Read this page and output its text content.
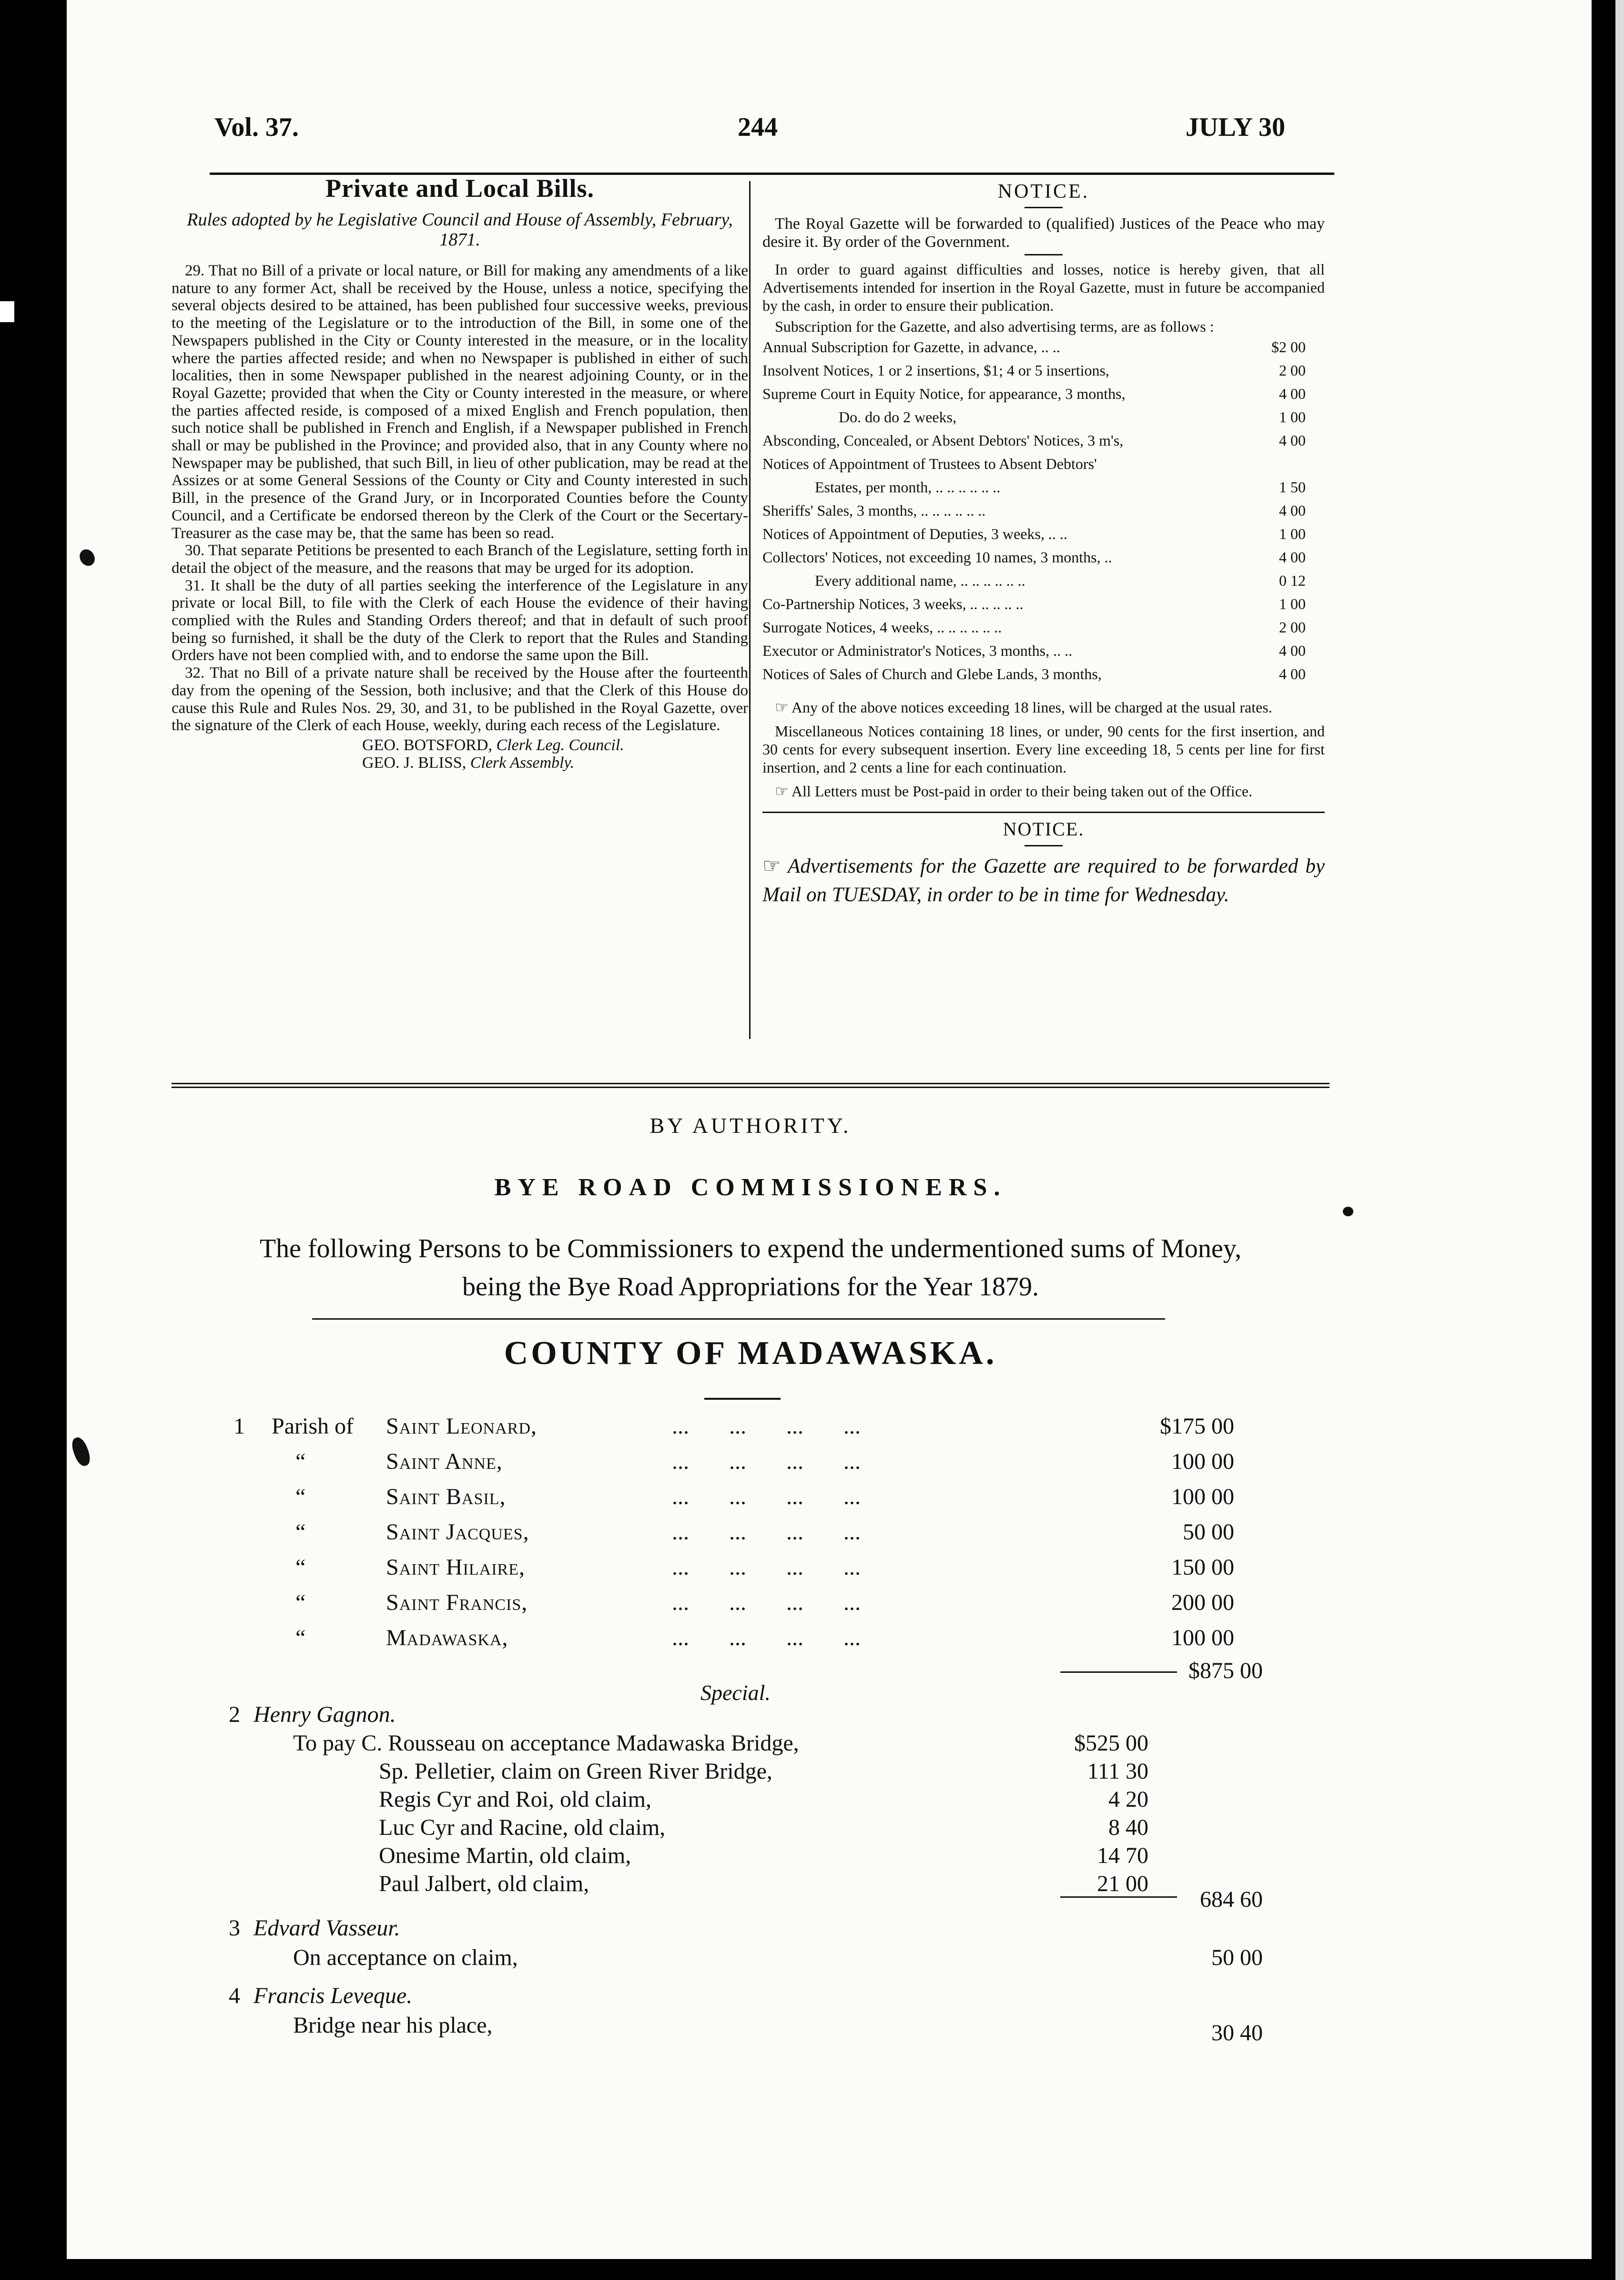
Vol. 37.	244	JULY 30
Private and Local Bills.
Rules adopted by he Legislative Council and House of Assembly, February, 1871.

29. That no Bill of a private or local nature, or Bill for making any amendments of a like nature to any former Act, shall be received by the House, unless a notice, specifying the several objects desired to be attained, has been published four successive weeks, previous to the meeting of the Legislature or to the introduction of the Bill, in some one of the Newspapers published in the City or County interested in the measure, or in the locality where the parties affected reside; and when no Newspaper is published in either of such localities, then in some Newspaper published in the nearest adjoining County, or in the Royal Gazette; provided that when the City or County interested in the measure, or where the parties affected reside, is composed of a mixed English and French population, then such notice shall be published in French and English, if a Newspaper published in French shall or may be published in the Province; and provided also, that in any County where no Newspaper may be published, that such Bill, in lieu of other publication, may be read at the Assizes or at some General Sessions of the County or City and County interested in such Bill, in the presence of the Grand Jury, or in Incorporated Counties before the County Council, and a Certificate be endorsed thereon by the Clerk of the Court or the Secertary-Treasurer as the case may be, that the same has been so read.

30. That separate Petitions be presented to each Branch of the Legislature, setting forth in detail the object of the measure, and the reasons that may be urged for its adoption.

31. It shall be the duty of all parties seeking the interference of the Legislature in any private or local Bill, to file with the Clerk of each House the evidence of their having complied with the Rules and Standing Orders thereof; and that in default of such proof being so furnished, it shall be the duty of the Clerk to report that the Rules and Standing Orders have not been complied with, and to endorse the same upon the Bill.

32. That no Bill of a private nature shall be received by the House after the fourteenth day from the opening of the Session, both inclusive; and that the Clerk of this House do cause this Rule and Rules Nos. 29, 30, and 31, to be published in the Royal Gazette, over the signature of the Clerk of each House, weekly, during each recess of the Legislature.

GEO. BOTSFORD, Clerk Leg. Council.
GEO. J. BLISS, Clerk Assembly.
NOTICE.

The Royal Gazette will be forwarded to (qualified) Justices of the Peace who may desire it. By order of the Government.

In order to guard against difficulties and losses, notice is hereby given, that all Advertisements intended for insertion in the Royal Gazette, must in future be accompanied by the cash, in order to ensure their publication.

Subscription for the Gazette, and also advertising terms, are as follows :

Annual Subscription for Gazette, in advance, .. ..	$2 00
Insolvent Notices, 1 or 2 insertions, $1; 4 or 5 insertions,	2 00
Supreme Court in Equity Notice, for appearance, 3 months,	4 00
Do. do do 2 weeks,	1 00
Absconding, Concealed, or Absent Debtors' Notices, 3 m's,	4 00
Notices of Appointment of Trustees to Absent Debtors'
Estates, per month, .. .. .. .. .. ..	1 50
Sheriffs' Sales, 3 months, .. .. .. .. .. ..	4 00
Notices of Appointment of Deputies, 3 weeks, .. ..	1 00
Collectors' Notices, not exceeding 10 names, 3 months, ..	4 00
Every additional name, .. .. .. .. .. ..	0 12
Co-Partnership Notices, 3 weeks, .. .. .. .. ..	1 00
Surrogate Notices, 4 weeks, .. .. .. .. .. ..	2 00
Executor or Administrator's Notices, 3 months, .. ..	4 00
Notices of Sales of Church and Glebe Lands, 3 months,	4 00

☞ Any of the above notices exceeding 18 lines, will be charged at the usual rates.

Miscellaneous Notices containing 18 lines, or under, 90 cents for the first insertion, and 30 cents for every subsequent insertion. Every line exceeding 18, 5 cents per line for first insertion, and 2 cents a line for each continuation.

☞ All Letters must be Post-paid in order to their being taken out of the Office.

NOTICE.
☞ Advertisements for the Gazette are required to be forwarded by Mail on TUESDAY, in order to be in time for Wednesday.
BY AUTHORITY.
BYE ROAD COMMISSIONERS.
The following Persons to be Commissioners to expend the undermentioned sums of Money, being the Bye Road Appropriations for the Year 1879.
COUNTY OF MADAWASKA.
1 Parish of Saint Leonard,	...       ...       ...       ...	$175 00
“	Saint Anne,	...       ...       ...       ...	100 00
“	Saint Basil,	...       ...       ...       ...	100 00
“	Saint Jacques,	...       ...       ...       ...	50 00
“	Saint Hilaire,	...       ...       ...       ...	150 00
“	Saint Francis,	...       ...       ...       ...	200 00
“	Madawaska,	...       ...       ...       ...	100 00
$875 00
Special.
2 Henry Gagnon.
To pay C. Rousseau on acceptance Madawaska Bridge,	$525 00
Sp. Pelletier, claim on Green River Bridge,	111 30
Regis Cyr and Roi, old claim,	4 20
Luc Cyr and Racine, old claim,	8 40
Onesime Martin, old claim,	14 70
Paul Jalbert, old claim,	21 00
684 60
3 Edvard Vasseur.
On acceptance on claim,	50 00
4 Francis Leveque.
Bridge near his place,	30 40
